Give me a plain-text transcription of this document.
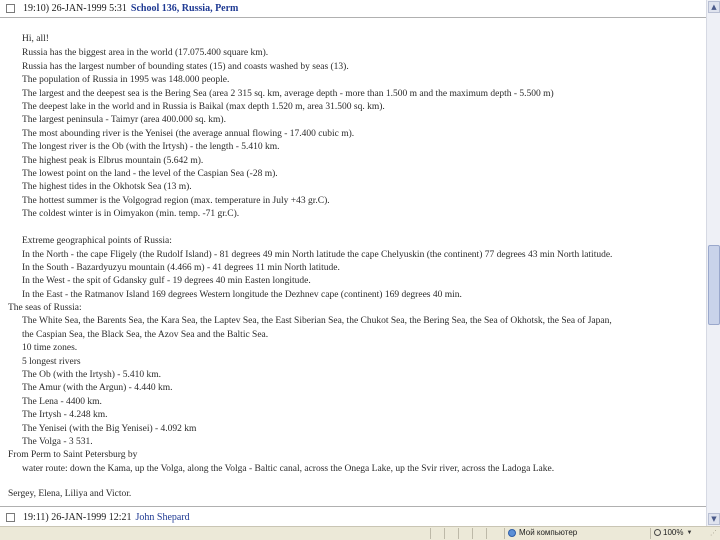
19:10) 26-JAN-1999 5:31 School 136, Russia, Perm
Hi, all!
Russia has the biggest area in the world (17.075.400 square km).
Russia has the largest number of bounding states (15) and coasts washed by seas (13).
The population of Russia in 1995 was 148.000 people.
The largest and the deepest sea is the Bering Sea (area 2 315 sq. km, average depth - more than 1.500 m and the maximum depth - 5.500 m)
The deepest lake in the world and in Russia is Baikal (max depth 1.520 m, area 31.500 sq. km).
The largest peninsula - Taimyr (area 400.000 sq. km).
The most abounding river is the Yenisei (the average annual flowing - 17.400 cubic m).
The longest river is the Ob (with the Irtysh) - the length - 5.410 km.
The highest peak is Elbrus mountain (5.642 m).
The lowest point on the land - the level of the Caspian Sea (-28 m).
The highest tides in the Okhotsk Sea (13 m).
The hottest summer is the Volgograd region (max. temperature in July +43 gr.C).
The coldest winter is in Oimyakon (min. temp. -71 gr.C).
Extreme geographical points of Russia:
In the North - the cape Fligely (the Rudolf Island) - 81 degrees 49 min North latitude the cape Chelyuskin (the continent) 77 degrees 43 min North latitude.
In the South - Bazardyuzyu mountain (4.466 m) - 41 degrees 11 min North latitude.
In the West - the spit of Gdansky gulf - 19 degrees 40 min Easten longitude.
In the East - the Ratmanov Island 169 degrees Western longitude the Dezhnev cape (continent) 169 degrees 40 min.
The seas of Russia:
The White Sea, the Barents Sea, the Kara Sea, the Laptev Sea, the East Siberian Sea, the Chukot Sea, the Bering Sea, the Sea of Okhotsk, the Sea of Japan,
the Caspian Sea, the Black Sea, the Azov Sea and the Baltic Sea.
10 time zones.
5 longest rivers
The Ob (with the Irtysh) - 5.410 km.
The Amur (with the Argun) - 4.440 km.
The Lena - 4400 km.
The Irtysh - 4.248 km.
The Yenisei (with the Big Yenisei) - 4.092 km
The Volga - 3 531.
From Perm to Saint Petersburg by
water route: down the Kama, up the Volga, along the Volga - Baltic canal, across the Onega Lake, up the Svir river, across the Ladoga Lake.
Sergey, Elena, Liliya and Victor.
19:11) 26-JAN-1999 12:21 John Shepard
▲
▼
Мой компьютер	100% ▼	⋰
